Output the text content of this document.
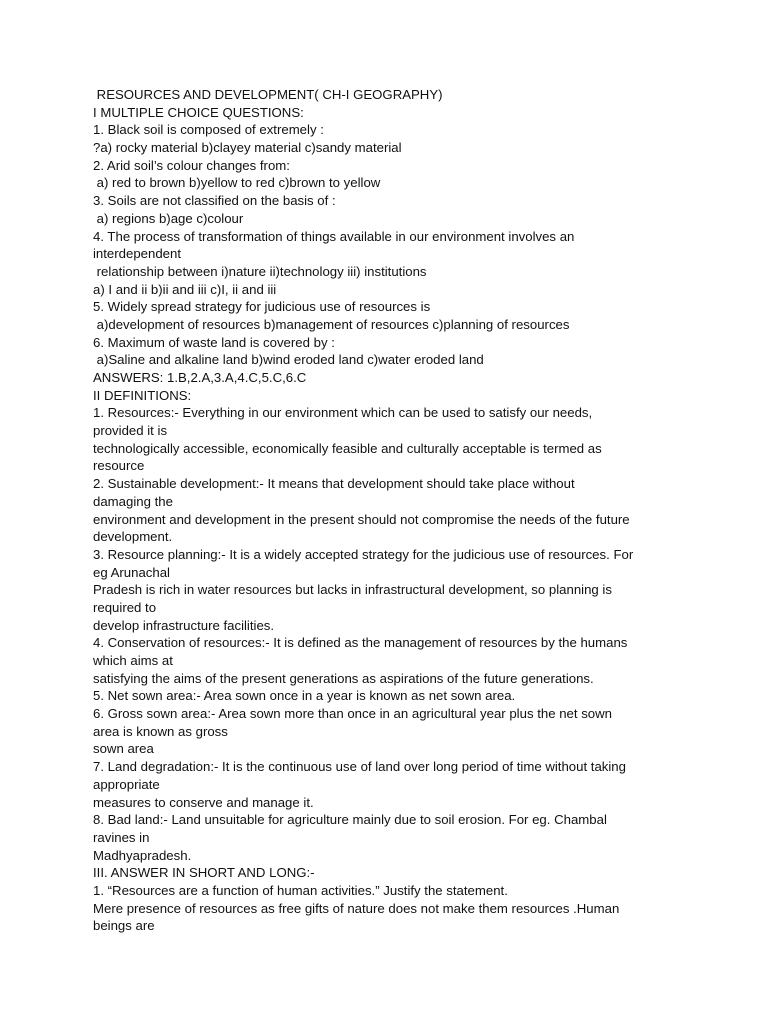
RESOURCES AND DEVELOPMENT( CH-I GEOGRAPHY)
I MULTIPLE CHOICE QUESTIONS:
1. Black soil is composed of extremely :
?a) rocky material b)clayey material c)sandy material
2. Arid soil’s colour changes from:
a) red to brown b)yellow to red c)brown to yellow
3. Soils are not classified on the basis of :
a) regions b)age c)colour
4. The process of transformation of things available in our environment involves an
interdependent
relationship between i)nature ii)technology iii) institutions
a) I and ii b)ii and iii c)I, ii and iii
5. Widely spread strategy for judicious use of resources is
a)development of resources b)management of resources c)planning of resources
6. Maximum of waste land is covered by :
a)Saline and alkaline land b)wind eroded land c)water eroded land
ANSWERS: 1.B,2.A,3.A,4.C,5.C,6.C
II DEFINITIONS:
1. Resources:- Everything in our environment which can be used to satisfy our needs,
provided it is
technologically accessible, economically feasible and culturally acceptable is termed as
resource
2. Sustainable development:- It means that development should take place without
damaging the
environment and development in the present should not compromise the needs of the future
development.
3. Resource planning:- It is a widely accepted strategy for the judicious use of resources. For
eg Arunachal
Pradesh is rich in water resources but lacks in infrastructural development, so planning is
required to
develop infrastructure facilities.
4. Conservation of resources:- It is defined as the management of resources by the humans
which aims at
satisfying the aims of the present generations as aspirations of the future generations.
5. Net sown area:- Area sown once in a year is known as net sown area.
6. Gross sown area:- Area sown more than once in an agricultural year plus the net sown
area is known as gross
sown area
7. Land degradation:- It is the continuous use of land over long period of time without taking
appropriate
measures to conserve and manage it.
8. Bad land:- Land unsuitable for agriculture mainly due to soil erosion. For eg. Chambal
ravines in
Madhyapradesh.
III. ANSWER IN SHORT AND LONG:-
1. “Resources are a function of human activities.” Justify the statement.
Mere presence of resources as free gifts of nature does not make them resources .Human
beings are
